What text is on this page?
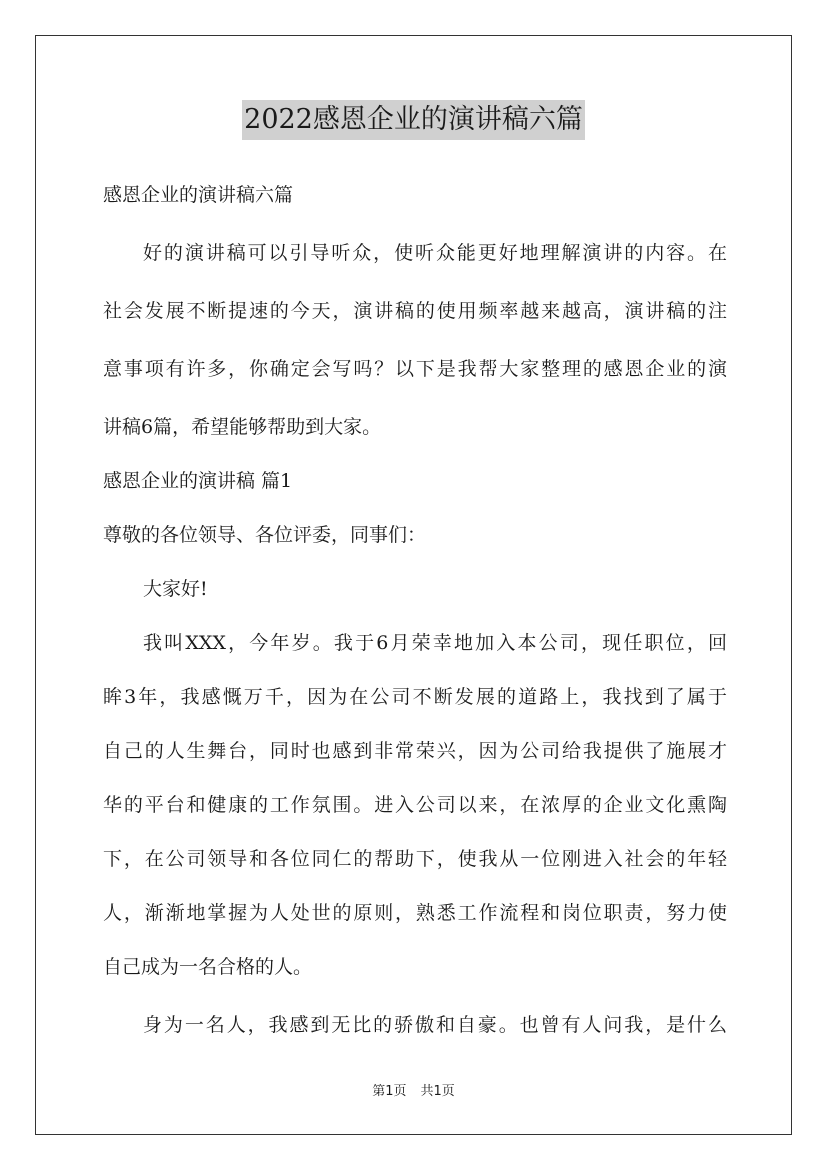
2022感恩企业的演讲稿六篇
感恩企业的演讲稿六篇
好的演讲稿可以引导听众，使听众能更好地理解演讲的内容。在
社会发展不断提速的今天，演讲稿的使用频率越来越高，演讲稿的注
意事项有许多，你确定会写吗？以下是我帮大家整理的感恩企业的演
讲稿6篇，希望能够帮助到大家。
感恩企业的演讲稿 篇1
尊敬的各位领导、各位评委，同事们：
大家好!
我叫XXX，今年岁。我于6月荣幸地加入本公司，现任职位，回
眸3年，我感慨万千，因为在公司不断发展的道路上，我找到了属于
自己的人生舞台，同时也感到非常荣兴，因为公司给我提供了施展才
华的平台和健康的工作氛围。进入公司以来，在浓厚的企业文化熏陶
下，在公司领导和各位同仁的帮助下，使我从一位刚进入社会的年轻
人，渐渐地掌握为人处世的原则，熟悉工作流程和岗位职责，努力使
自己成为一名合格的人。
身为一名人，我感到无比的骄傲和自豪。也曾有人问我，是什么
第1页 共1页
